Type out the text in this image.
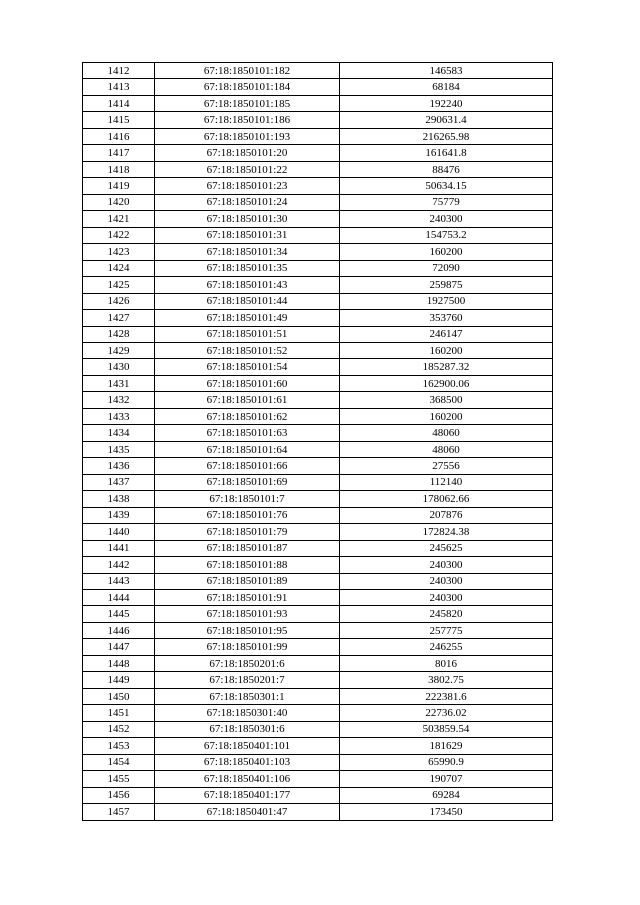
1412	67:18:1850101:182	146583
1413	67:18:1850101:184	68184
1414	67:18:1850101:185	192240
1415	67:18:1850101:186	290631.4
1416	67:18:1850101:193	216265.98
1417	67:18:1850101:20	161641.8
1418	67:18:1850101:22	88476
1419	67:18:1850101:23	50634.15
1420	67:18:1850101:24	75779
1421	67:18:1850101:30	240300
1422	67:18:1850101:31	154753.2
1423	67:18:1850101:34	160200
1424	67:18:1850101:35	72090
1425	67:18:1850101:43	259875
1426	67:18:1850101:44	1927500
1427	67:18:1850101:49	353760
1428	67:18:1850101:51	246147
1429	67:18:1850101:52	160200
1430	67:18:1850101:54	185287.32
1431	67:18:1850101:60	162900.06
1432	67:18:1850101:61	368500
1433	67:18:1850101:62	160200
1434	67:18:1850101:63	48060
1435	67:18:1850101:64	48060
1436	67:18:1850101:66	27556
1437	67:18:1850101:69	112140
1438	67:18:1850101:7	178062.66
1439	67:18:1850101:76	207876
1440	67:18:1850101:79	172824.38
1441	67:18:1850101:87	245625
1442	67:18:1850101:88	240300
1443	67:18:1850101:89	240300
1444	67:18:1850101:91	240300
1445	67:18:1850101:93	245820
1446	67:18:1850101:95	257775
1447	67:18:1850101:99	246255
1448	67:18:1850201:6	8016
1449	67:18:1850201:7	3802.75
1450	67:18:1850301:1	222381.6
1451	67:18:1850301:40	22736.02
1452	67:18:1850301:6	503859.54
1453	67:18:1850401:101	181629
1454	67:18:1850401:103	65990.9
1455	67:18:1850401:106	190707
1456	67:18:1850401:177	69284
1457	67:18:1850401:47	173450
